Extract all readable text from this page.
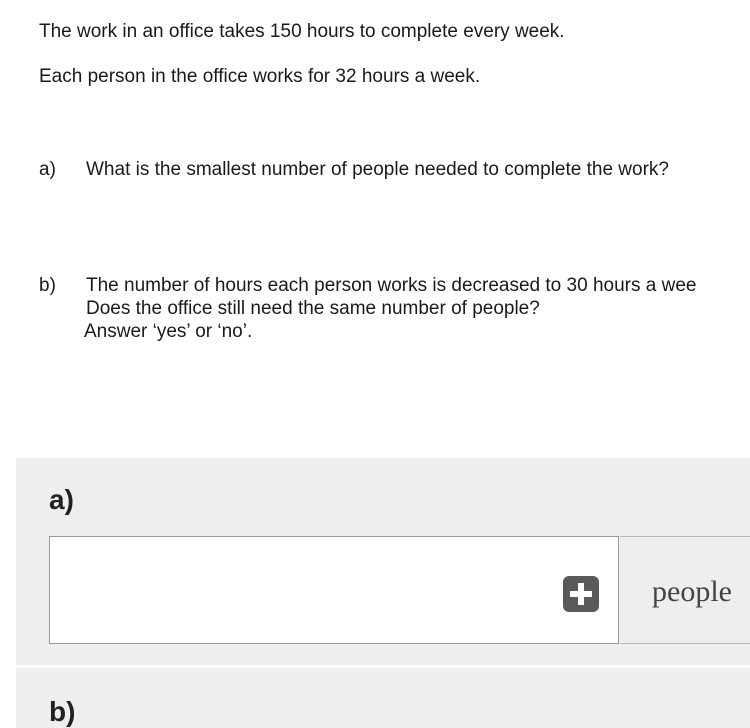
The work in an office takes 150 hours to complete every week.

Each person in the office works for 32 hours a week.

a) What is the smallest number of people needed to complete the work?
b) The number of hours each person works is decreased to 30 hours a wee
Does the office still need the same number of people?
Answer ‘yes’ or ‘no’.
a)
people
b)
